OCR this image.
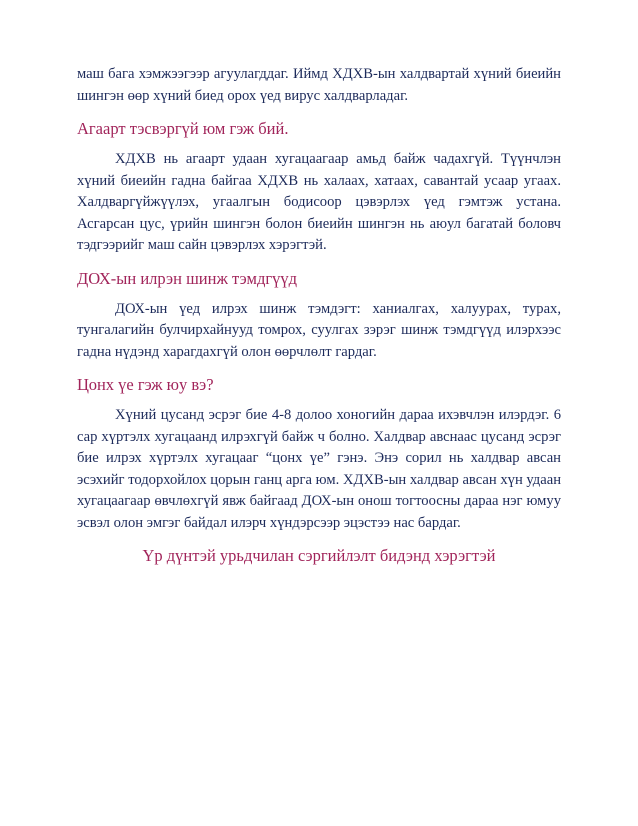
маш бага хэмжээгээр агуулагддаг. Иймд ХДХВ-ын халдвартай хүний биеийн шингэн өөр хүний биед орох үед вирус халдварладаг.

Агаарт тэсвэргүй юм гэж бий.

ХДХВ нь агаарт удаан хугацаагаар амьд байж чадахгүй. Түүнчлэн хүний биеийн гадна байгаа ХДХВ нь халаах, хатаах, савантай усаар угаах. Халдваргүйжүүлэх, угаалгын бодисоор цэвэрлэх үед гэмтэж устана. Асгарсан цус, үрийн шингэн болон биеийн шингэн нь аюул багатай боловч тэдгээрийг маш сайн цэвэрлэх хэрэгтэй.

ДОХ-ын илрэн шинж тэмдгүүд

ДОХ-ын үед илрэх шинж тэмдэгт: ханиалгах, халуурах, турах, тунгалагийн булчирхайнууд томрох, суулгах зэрэг шинж тэмдгүүд илэрхээс гадна нүдэнд харагдахгүй олон өөрчлөлт гардаг.

Цонх үе гэж юу вэ?

Хүний цусанд эсрэг бие 4-8 долоо хоногийн дараа ихэвчлэн илэрдэг. 6 сар хүртэлх хугацаанд илрэхгүй байж ч болно. Халдвар авснаас цусанд эсрэг бие илрэх хүртэлх хугацааг “цонх үе” гэнэ. Энэ сорил нь халдвар авсан эсэхийг тодорхойлох цорын ганц арга юм. ХДХВ-ын халдвар авсан хүн удаан хугацаагаар өвчлөхгүй явж байгаад ДОХ-ын онош тогтоосны дараа нэг юмуу эсвэл олон эмгэг байдал илэрч хүндэрсээр эцэстээ нас бардаг.

Үр дүнтэй урьдчилан сэргийлэлт бидэнд хэрэгтэй
